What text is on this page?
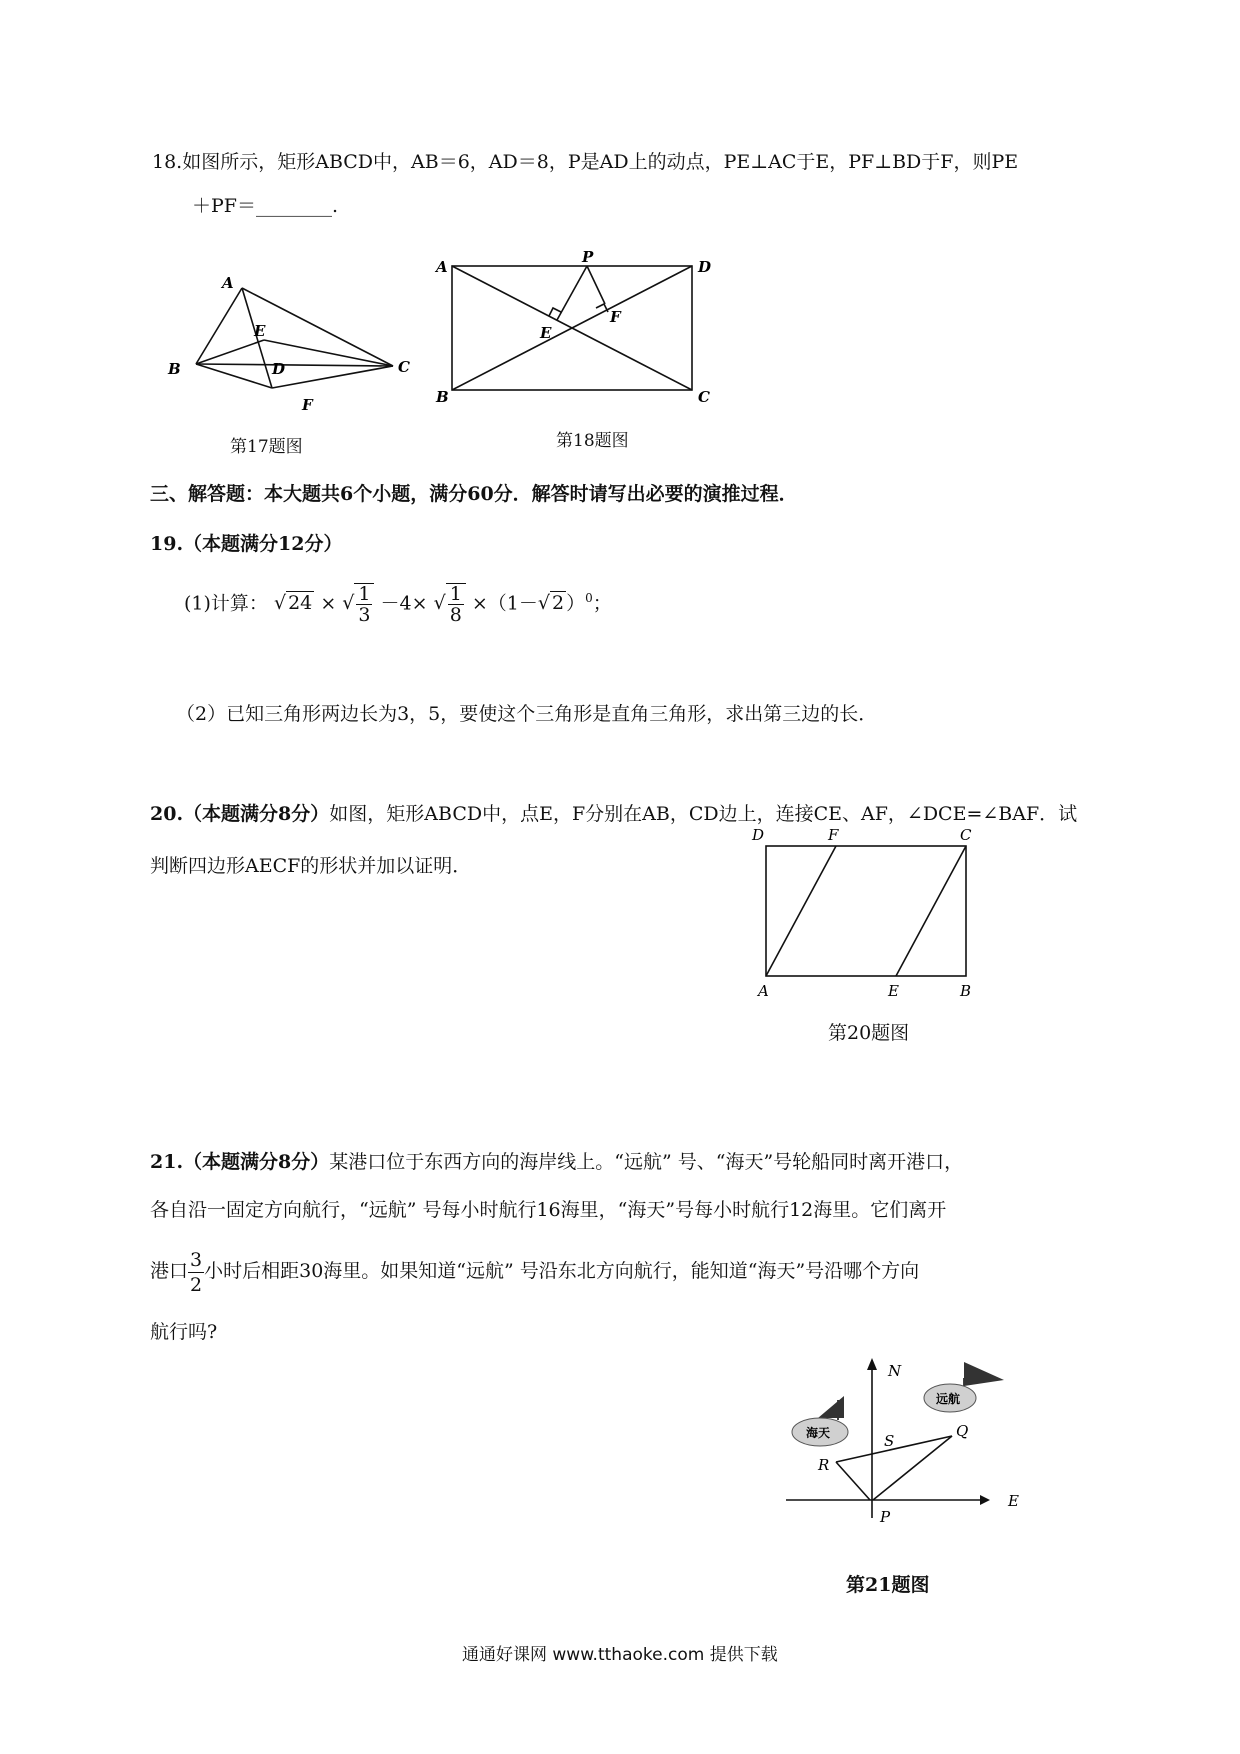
18.如图所示，矩形ABCD中，AB＝6，AD＝8，P是AD上的动点，PE⊥AC于E，PF⊥BD于F，则PE
＋PF＝________.
A
B	C
D
E
F
第17题图
A	D
B	C
P
E
F
第18题图
三、解答题：本大题共6个小题，满分60分．解答时请写出必要的演推过程．
19.（本题满分12分）
(1)计算： √ 24 × √ $\frac{1}{3} -4\times$ √ $\frac{1}{8} \times(1-√$ 2 ）$^0$；
（2）已知三角形两边长为3，5，要使这个三角形是直角三角形，求出第三边的长．
20.（本题满分8分）如图，矩形ABCD中，点E，F分别在AB，CD边上，连接CE、AF，∠DCE=∠BAF．试
判断四边形AECF的形状并加以证明．
D	F	C
A	E	B
第20题图
21.（本题满分8分）某港口位于东西方向的海岸线上。“远航” 号、“海天”号轮船同时离开港口，
各自沿一固定方向航行，“远航” 号每小时航行16海里，“海天”号每小时航行12海里。它们离开
港口 $\frac{3}{2}$ 小时后相距30海里。如果知道“远航” 号沿东北方向航行，能知道“海天”号沿哪个方向
航行吗?
海天
远航
N
E
P
Q
R
S
第21题图
通通好课网 www.tthaoke.com 提供下载
